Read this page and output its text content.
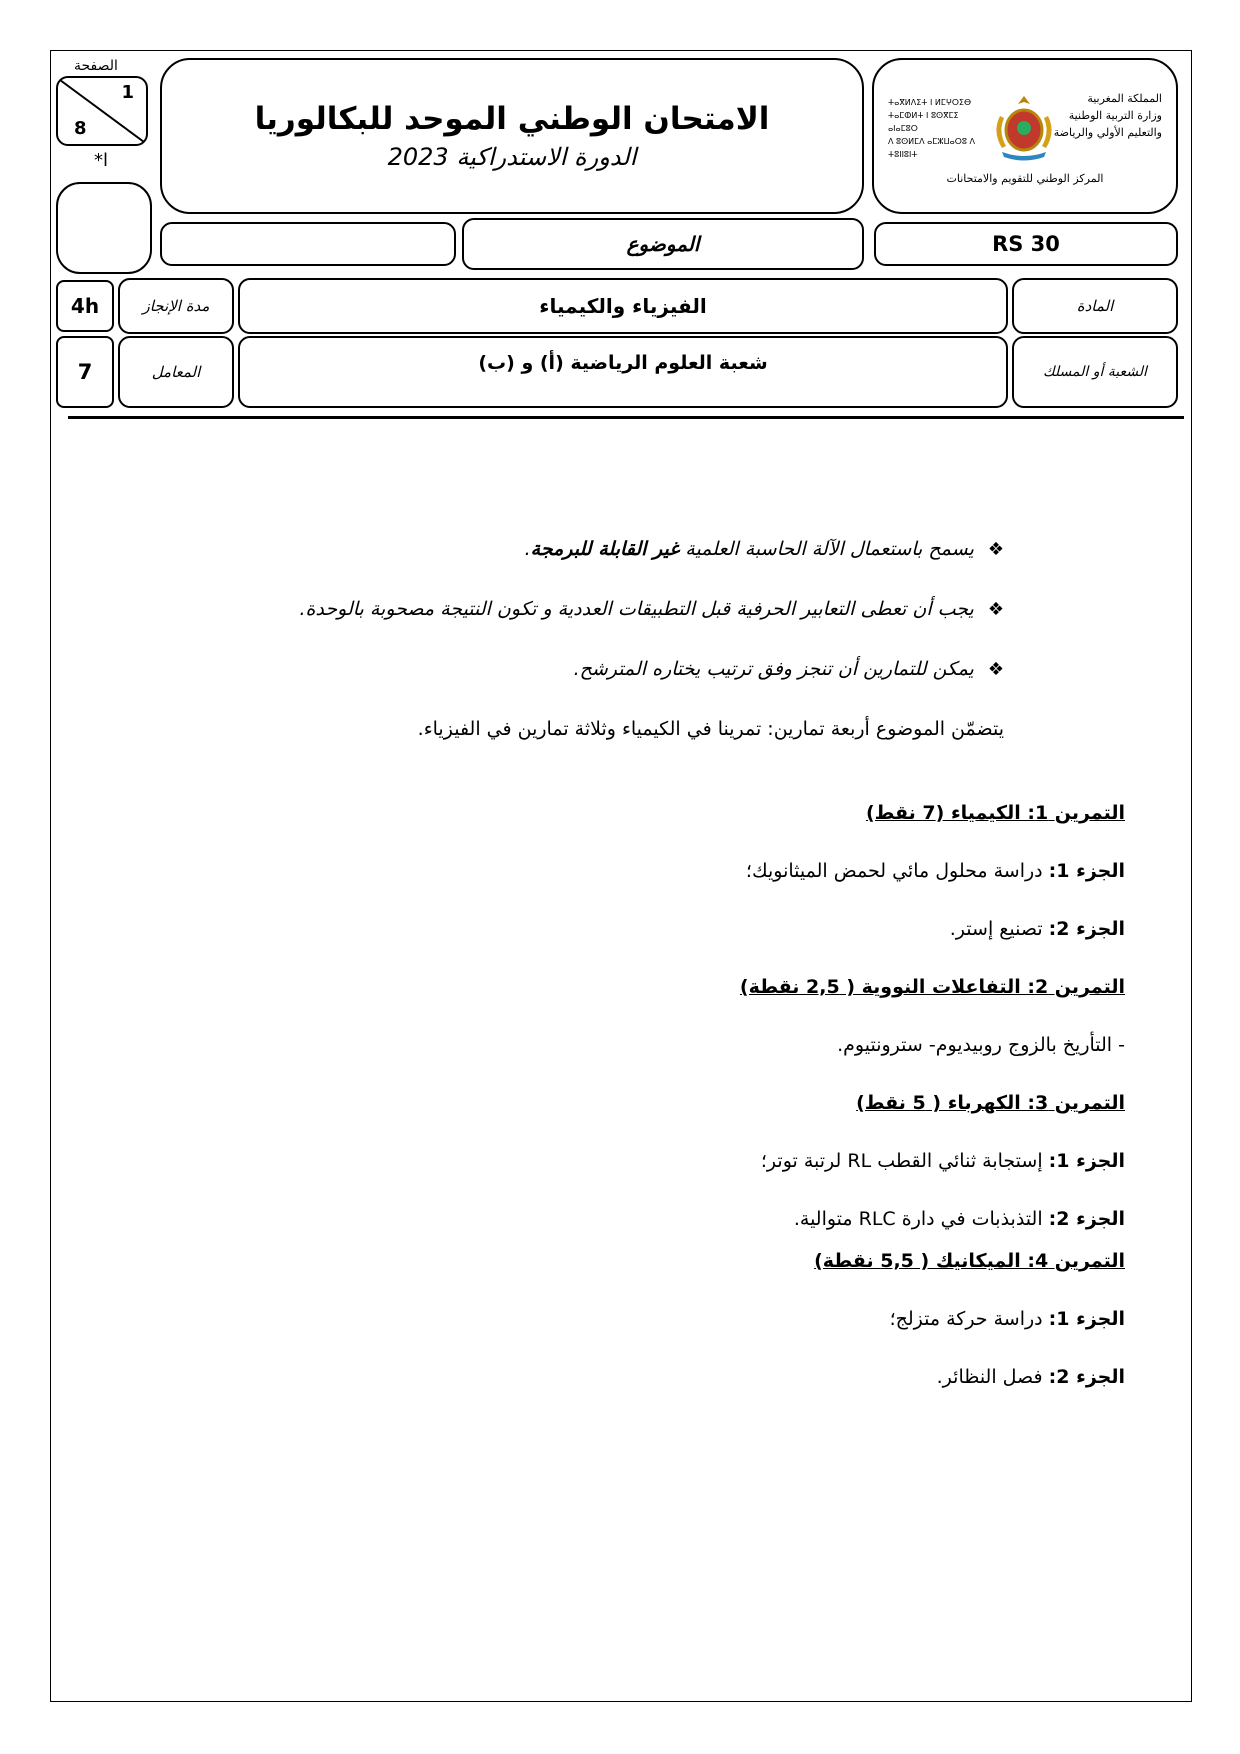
الصفحة
1
8
*ا
الامتحان الوطني الموحد للبكالوريا
الدورة الاستدراكية 2023
ⵜⴰⴳⵍⴷⵉⵜ ⵏ ⵍⵎⵖⵔⵉⴱ
ⵜⴰⵎⵀⵍⵜ ⵏ ⵓⵙⴳⵎⵉ ⴰⵏⴰⵎⵓⵔ
ⴷ ⵓⵙⵍⵎⴷ ⴰⵎⵣⵡⴰⵔⵓ ⴷ ⵜⵓⵏⵏⵓⵏⵜ
المملكة المغربية
وزارة التربية الوطنية
والتعليم الأولي والرياضة
المركز الوطني للتقويم والامتحانات
الموضوع	RS 30
4h	مدة الإنجاز	الفيزياء والكيمياء	المادة
7	المعامل	شعبة العلوم الرياضية (أ) و (ب)	الشعبة أو المسلك
❖يسمح باستعمال الآلة الحاسبة العلمية غير القابلة للبرمجة.
❖يجب أن تعطى التعابير الحرفية قبل التطبيقات العددية و تكون النتيجة مصحوبة بالوحدة.
❖يمكن للتمارين أن تنجز وفق ترتيب يختاره المترشح.
يتضمّن الموضوع أربعة تمارين: تمرينا في الكيمياء وثلاثة تمارين في الفيزياء.
التمرين 1: الكيمياء (7 نقط)
الجزء 1: دراسة محلول مائي لحمض الميثانويك؛
الجزء 2: تصنيع إستر.
التمرين 2: التفاعلات النووية ( 2,5 نقطة)
- التأريخ بالزوج روبيديوم- سترونتيوم.
التمرين 3: الكهرباء ( 5 نقط)
الجزء 1: إستجابة ثنائي القطب RL لرتبة توتر؛
الجزء 2: التذبذبات في دارة RLC متوالية.
التمرين 4: الميكانيك ( 5,5 نقطة)
الجزء 1: دراسة حركة متزلج؛
الجزء 2: فصل النظائر.
